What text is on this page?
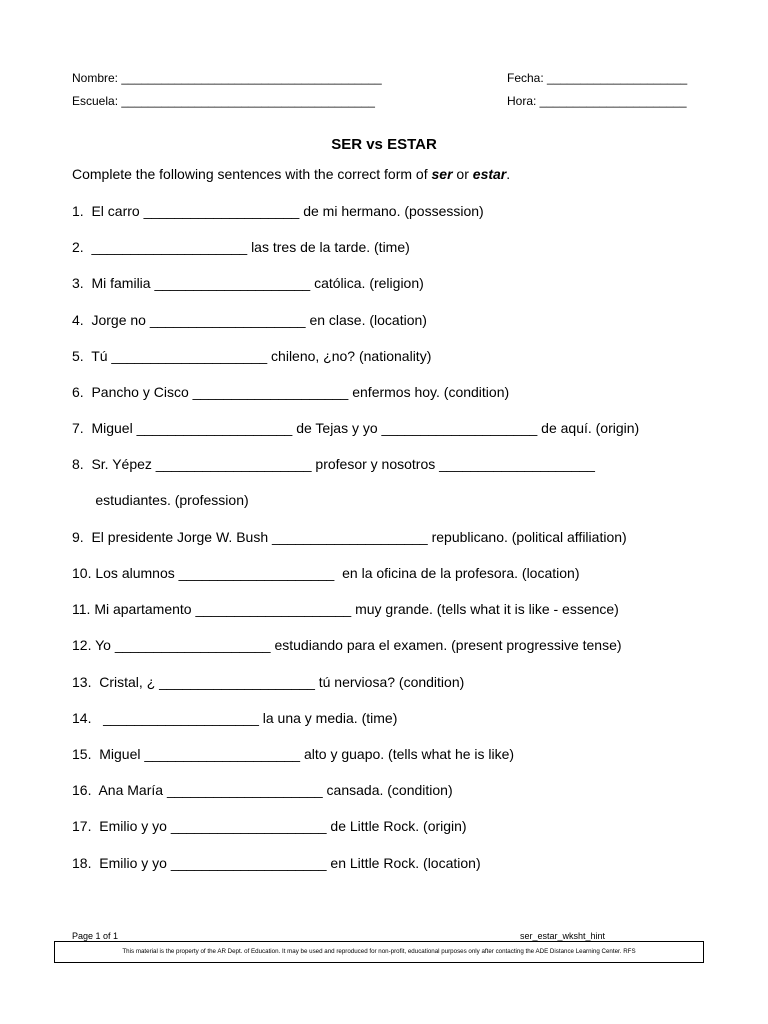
Nombre: _______________________________________	Fecha: _____________________
Escuela: ______________________________________	Hora: ______________________
SER vs ESTAR
Complete the following sentences with the correct form of ser or estar.
1.  El carro ____________________ de mi hermano. (possession)
2.  ____________________ las tres de la tarde. (time)
3.  Mi familia ____________________ católica. (religion)
4.  Jorge no ____________________ en clase. (location)
5.  Tú ____________________ chileno, ¿no? (nationality)
6.  Pancho y Cisco ____________________ enfermos hoy. (condition)
7.  Miguel ____________________ de Tejas y yo ____________________ de aquí. (origin)
8.  Sr. Yépez ____________________ profesor y nosotros ____________________
estudiantes. (profession)
9.  El presidente Jorge W. Bush ____________________ republicano. (political affiliation)
10. Los alumnos ____________________  en la oficina de la profesora. (location)
11. Mi apartamento ____________________ muy grande. (tells what it is like - essence)
12. Yo ____________________ estudiando para el examen. (present progressive tense)
13.  Cristal, ¿ ____________________ tú nerviosa? (condition)
14.   ____________________ la una y media. (time)
15.  Miguel ____________________ alto y guapo. (tells what he is like)
16.  Ana María ____________________ cansada. (condition)
17.  Emilio y yo ____________________ de Little Rock. (origin)
18.  Emilio y yo ____________________ en Little Rock. (location)
Page 1 of 1	ser_estar_wksht_hint
This material is the property of the AR Dept. of Education. It may be used and reproduced for non-profit, educational purposes only after contacting the ADE Distance Learning Center. RFS
